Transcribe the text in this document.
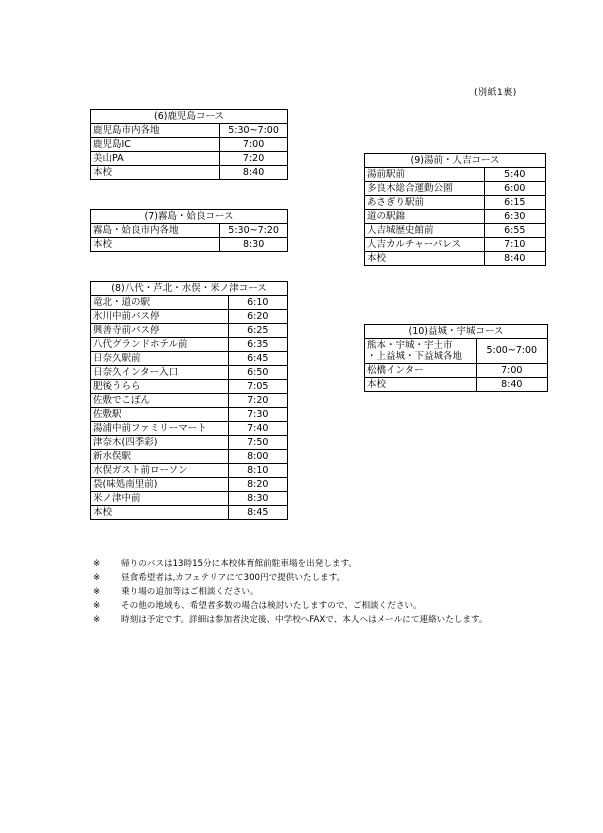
(別紙1裏)
(6)鹿児島コース	
鹿児島市内各地	5:30~7:00
鹿児島IC	7:00
美山PA	7:20
本校	8:40
(7)霧島・姶良コース	
霧島・姶良市内各地	5:30~7:20
本校	8:30
(8)八代・芦北・水俣・米ノ津コース	
竜北・道の駅	6:10
氷川中前バス停	6:20
興善寺前バス停	6:25
八代グランドホテル前	6:35
日奈久駅前	6:45
日奈久インター入口	6:50
肥後うらら	7:05
佐敷でこぽん	7:20
佐敷駅	7:30
湯浦中前ファミリーマート	7:40
津奈木(四季彩)	7:50
新水俣駅	8:00
水俣ガスト前ローソン	8:10
袋(味処南里前)	8:20
米ノ津中前	8:30
本校	8:45
(9)湯前・人吉コース	
湯前駅前	5:40
多良木総合運動公園	6:00
あさぎり駅前	6:15
道の駅錦	6:30
人吉城歴史館前	6:55
人吉カルチャーパレス	7:10
本校	8:40
(10)益城・宇城コース	

熊本・宇城・宇土市
・上益城・下益城各地	5:00~7:00
松橋インター	7:00
本校	8:40
※	帰りのバスは13時15分に本校体育館前駐車場を出発します。
※	昼食希望者は,カフェテリアにて300円で提供いたします。
※	乗り場の追加等はご相談ください。
※	その他の地域も、希望者多数の場合は検討いたしますので、ご相談ください。
※	時刻は予定です。詳細は参加者決定後、中学校へFAXで、本人へはメールにて連絡いたします。
